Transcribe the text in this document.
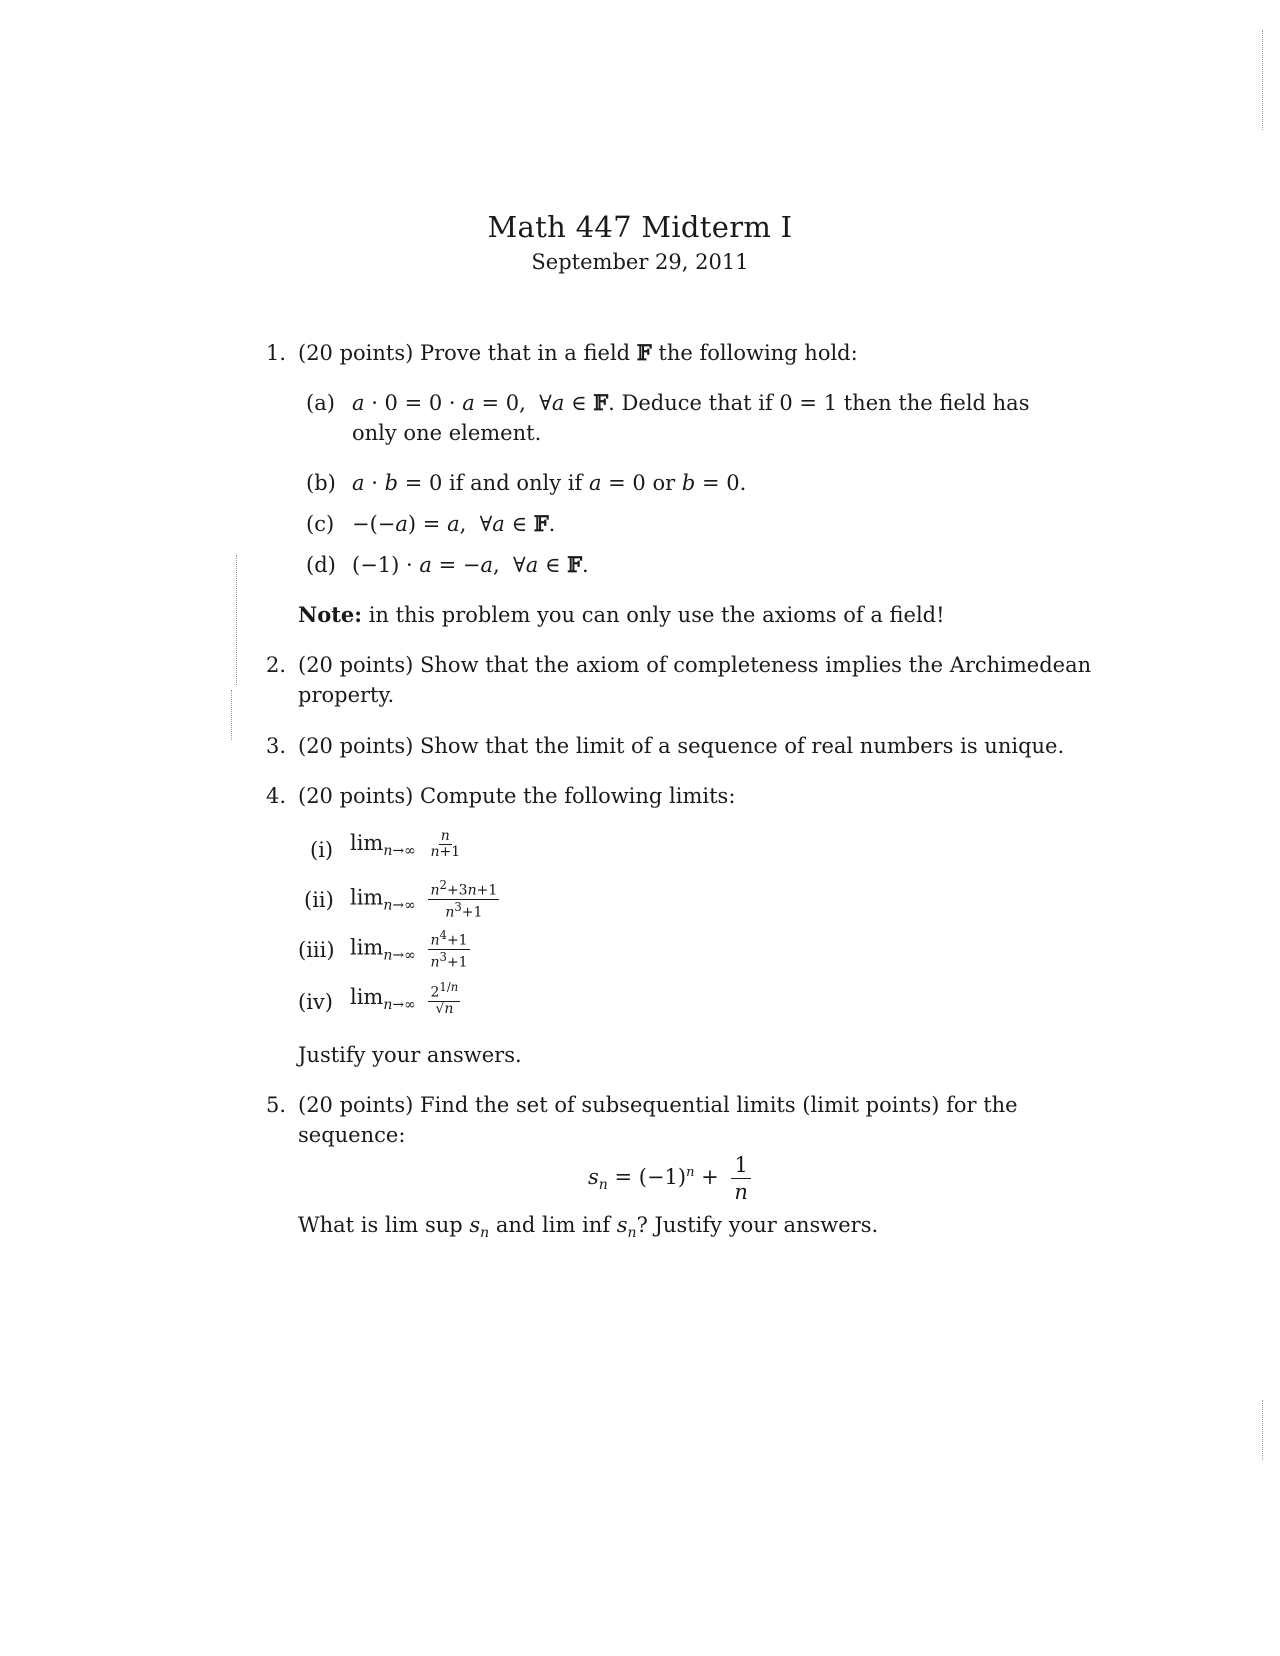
Math 447 Midterm I
September 29, 2011
1. (20 points) Prove that in a field 𝔽 the following hold:
(a) a · 0 = 0 · a = 0,  ∀a ∈ 𝔽. Deduce that if 0 = 1 then the field has
only one element.
(b) a · b = 0 if and only if a = 0 or b = 0.
(c) −(−a) = a,  ∀a ∈ 𝔽.
(d) (−1) · a = −a,  ∀a ∈ 𝔽.
Note: in this problem you can only use the axioms of a field!
2. (20 points) Show that the axiom of completeness implies the Archimedean
property.
3. (20 points) Show that the limit of a sequence of real numbers is unique.
4. (20 points) Compute the following limits:
(i) $\lim_{n\to\infty} \frac{n}{n+1}$
(ii) $\lim_{n\to\infty} \frac{n^2+3n+1}{n^3+1}$
(iii) $\lim_{n\to\infty} \frac{n^4+1}{n^3+1}$
(iv) $\lim_{n\to\infty} \frac{2^{1/n}}{√n}$
Justify your answers.
5. (20 points) Find the set of subsequential limits (limit points) for the
sequence:
$s_n = (-1)^n + \frac{1}{n}$
What is lim sup $s_n$ and lim inf $s_n$? Justify your answers.
